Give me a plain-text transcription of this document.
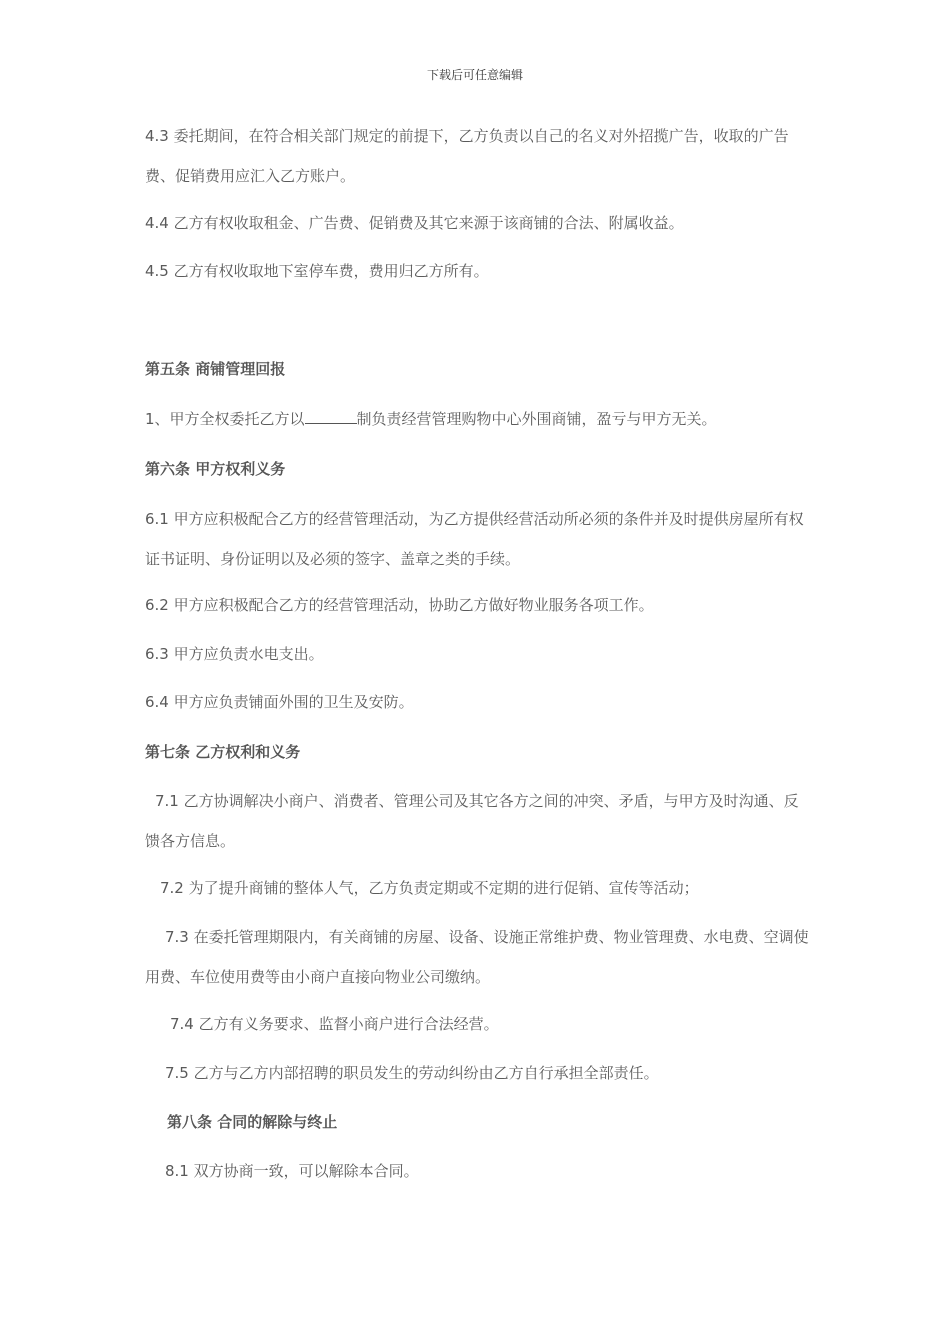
下载后可任意编辑
4.3 委托期间，在符合相关部门规定的前提下，乙方负责以自己的名义对外招揽广告，收取的广告费、促销费用应汇入乙方账户。
4.4 乙方有权收取租金、广告费、促销费及其它来源于该商铺的合法、附属收益。
4.5 乙方有权收取地下室停车费，费用归乙方所有。
第五条 商铺管理回报
1、甲方全权委托乙方以	制负责经营管理购物中心外围商铺，盈亏与甲方无关。
第六条 甲方权利义务
6.1 甲方应积极配合乙方的经营管理活动，为乙方提供经营活动所必须的条件并及时提供房屋所有权证书证明、身份证明以及必须的签字、盖章之类的手续。
6.2 甲方应积极配合乙方的经营管理活动，协助乙方做好物业服务各项工作。
6.3 甲方应负责水电支出。
6.4 甲方应负责铺面外围的卫生及安防。
第七条 乙方权利和义务
7.1 乙方协调解决小商户、消费者、管理公司及其它各方之间的冲突、矛盾，与甲方及时沟通、反馈各方信息。
7.2 为了提升商铺的整体人气，乙方负责定期或不定期的进行促销、宣传等活动；
7.3 在委托管理期限内，有关商铺的房屋、设备、设施正常维护费、物业管理费、水电费、空调使用费、车位使用费等由小商户直接向物业公司缴纳。
7.4 乙方有义务要求、监督小商户进行合法经营。
7.5 乙方与乙方内部招聘的职员发生的劳动纠纷由乙方自行承担全部责任。
第八条 合同的解除与终止
8.1 双方协商一致，可以解除本合同。
